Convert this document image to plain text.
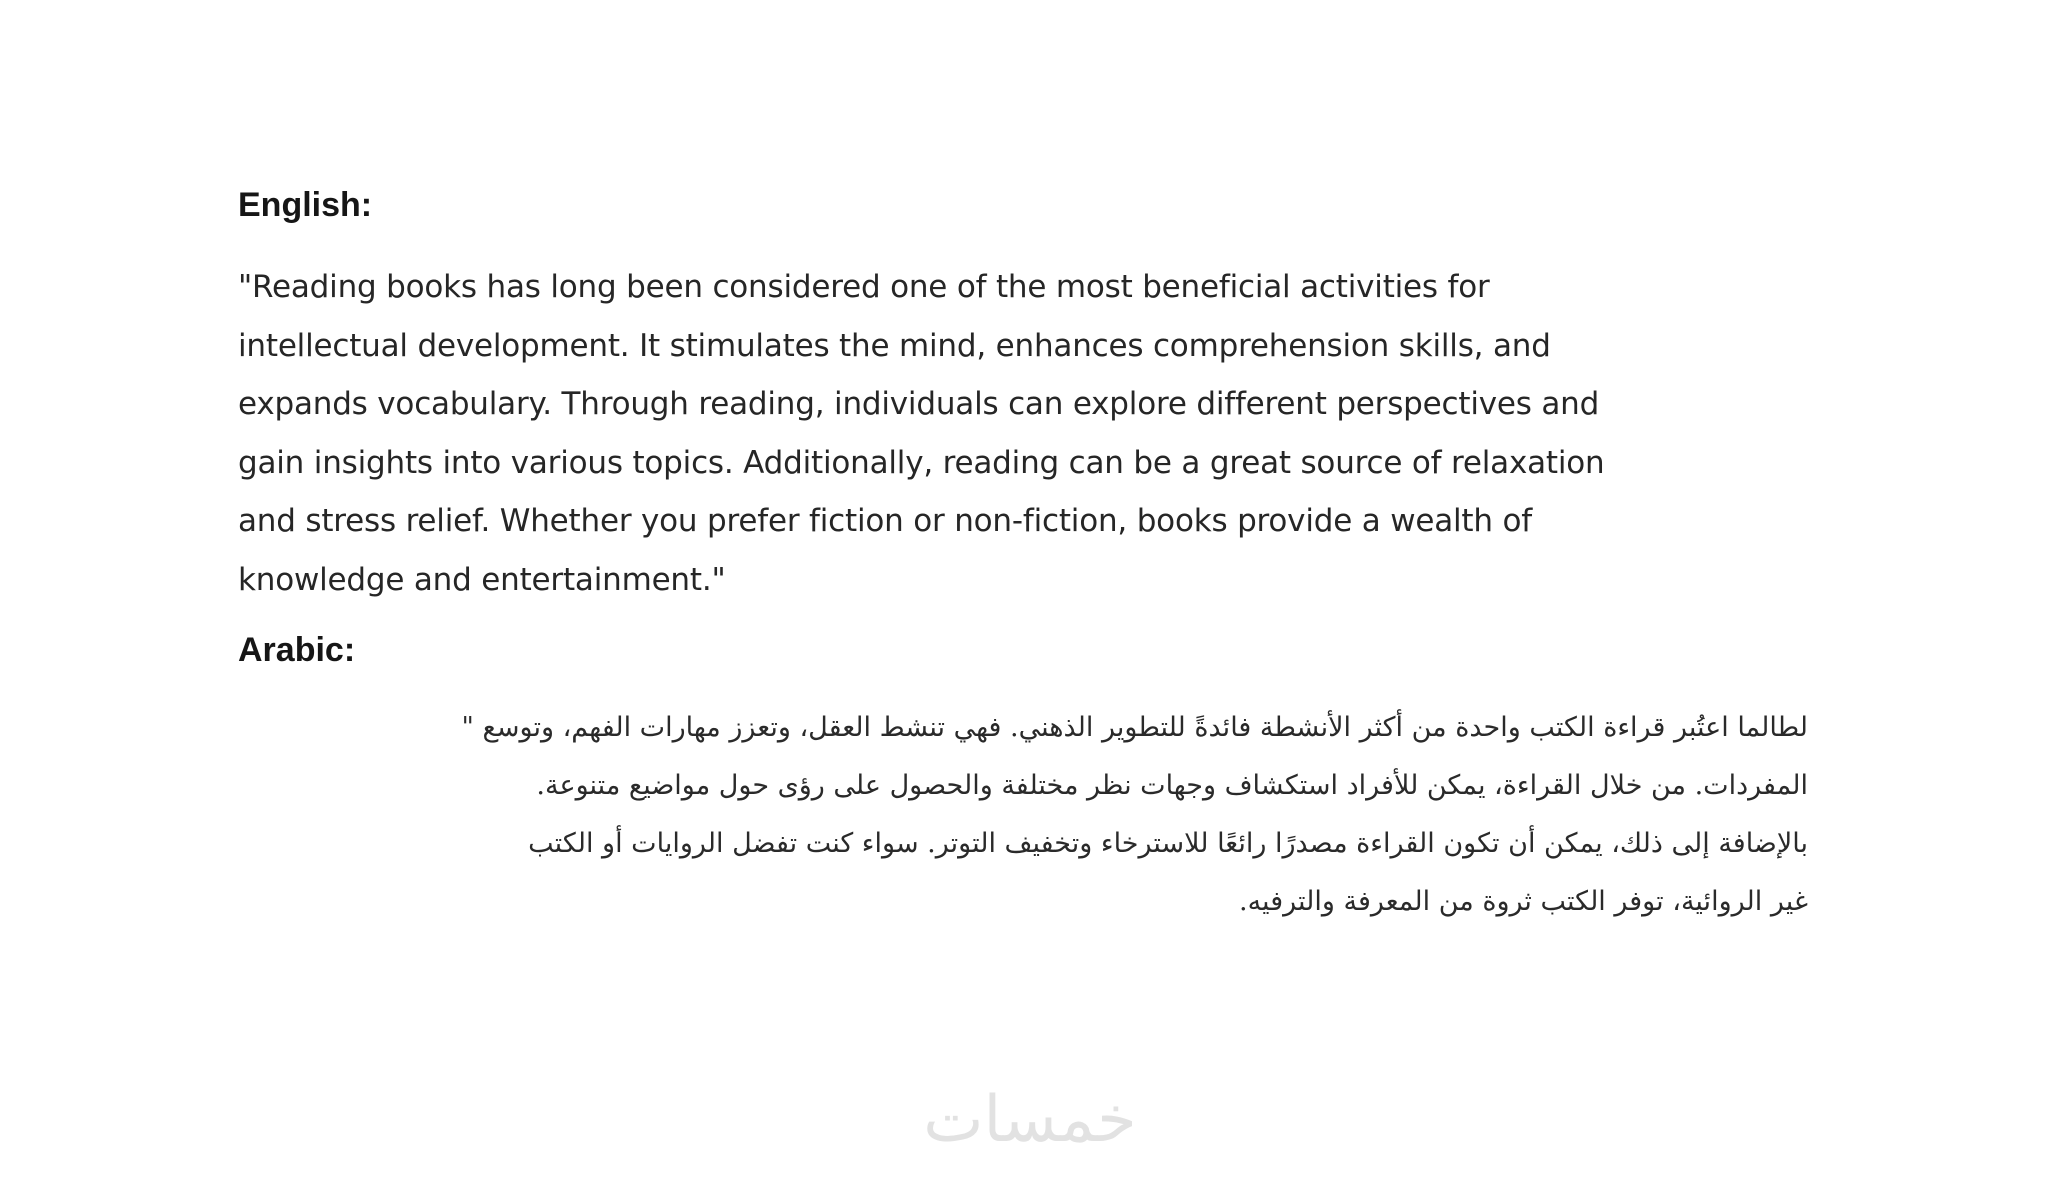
English:
"Reading books has long been considered one of the most beneficial activities for
intellectual development. It stimulates the mind, enhances comprehension skills, and
expands vocabulary. Through reading, individuals can explore different perspectives and
gain insights into various topics. Additionally, reading can be a great source of relaxation
and stress relief. Whether you prefer fiction or non-fiction, books provide a wealth of
knowledge and entertainment."
Arabic:
لطالما اعتُبر قراءة الكتب واحدة من أكثر الأنشطة فائدةً للتطوير الذهني. فهي تنشط العقل، وتعزز مهارات الفهم، وتوسع "
المفردات. من خلال القراءة، يمكن للأفراد استكشاف وجهات نظر مختلفة والحصول على رؤى حول مواضيع متنوعة.
بالإضافة إلى ذلك، يمكن أن تكون القراءة مصدرًا رائعًا للاسترخاء وتخفيف التوتر. سواء كنت تفضل الروايات أو الكتب
غير الروائية، توفر الكتب ثروة من المعرفة والترفيه.
خمسات
